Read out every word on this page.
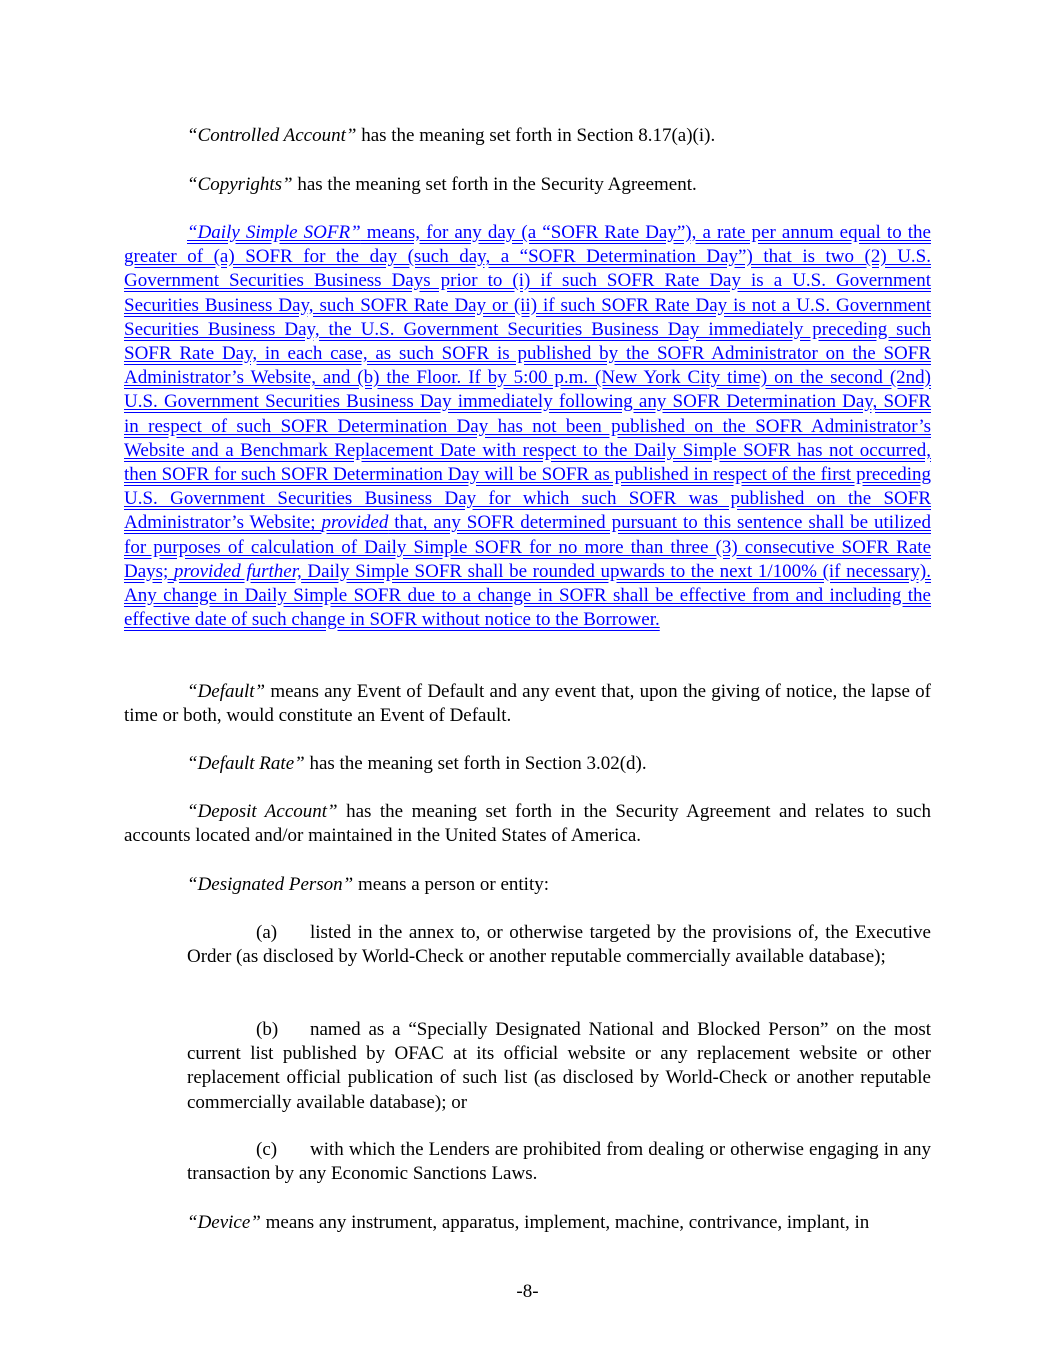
“Controlled Account” has the meaning set forth in Section 8.17(a)(i).

“Copyrights” has the meaning set forth in the Security Agreement.

“Daily Simple SOFR” means, for any day (a “SOFR Rate Day”), a rate per annum equal to the greater of (a) SOFR for the day (such day, a “SOFR Determination Day”) that is two (2) U.S. Government Securities Business Days prior to (i) if such SOFR Rate Day is a U.S. Government Securities Business Day, such SOFR Rate Day or (ii) if such SOFR Rate Day is not a U.S. Government Securities Business Day, the U.S. Government Securities Business Day immediately preceding such SOFR Rate Day, in each case, as such SOFR is published by the SOFR Administrator on the SOFR Administrator’s Website, and (b) the Floor. If by 5:00 p.m. (New York City time) on the second (2nd) U.S. Government Securities Business Day immediately following any SOFR Determination Day, SOFR in respect of such SOFR Determination Day has not been published on the SOFR Administrator’s Website and a Benchmark Replacement Date with respect to the Daily Simple SOFR has not occurred, then SOFR for such SOFR Determination Day will be SOFR as published in respect of the first preceding U.S. Government Securities Business Day for which such SOFR was published on the SOFR Administrator’s Website; provided that, any SOFR determined pursuant to this sentence shall be utilized for purposes of calculation of Daily Simple SOFR for no more than three (3) consecutive SOFR Rate Days; provided further, Daily Simple SOFR shall be rounded upwards to the next 1/100% (if necessary). Any change in Daily Simple SOFR due to a change in SOFR shall be effective from and including the effective date of such change in SOFR without notice to the Borrower.

“Default” means any Event of Default and any event that, upon the giving of notice, the lapse of time or both, would constitute an Event of Default.

“Default Rate” has the meaning set forth in Section 3.02(d).

“Deposit Account” has the meaning set forth in the Security Agreement and relates to such accounts located and/or maintained in the United States of America.

“Designated Person” means a person or entity:

(a) listed in the annex to, or otherwise targeted by the provisions of, the Executive Order (as disclosed by World-Check or another reputable commercially available database);

(b) named as a “Specially Designated National and Blocked Person” on the most current list published by OFAC at its official website or any replacement website or other replacement official publication of such list (as disclosed by World-Check or another reputable commercially available database); or

(c) with which the Lenders are prohibited from dealing or otherwise engaging in any transaction by any Economic Sanctions Laws.

“Device” means any instrument, apparatus, implement, machine, contrivance, implant, in

-8-
